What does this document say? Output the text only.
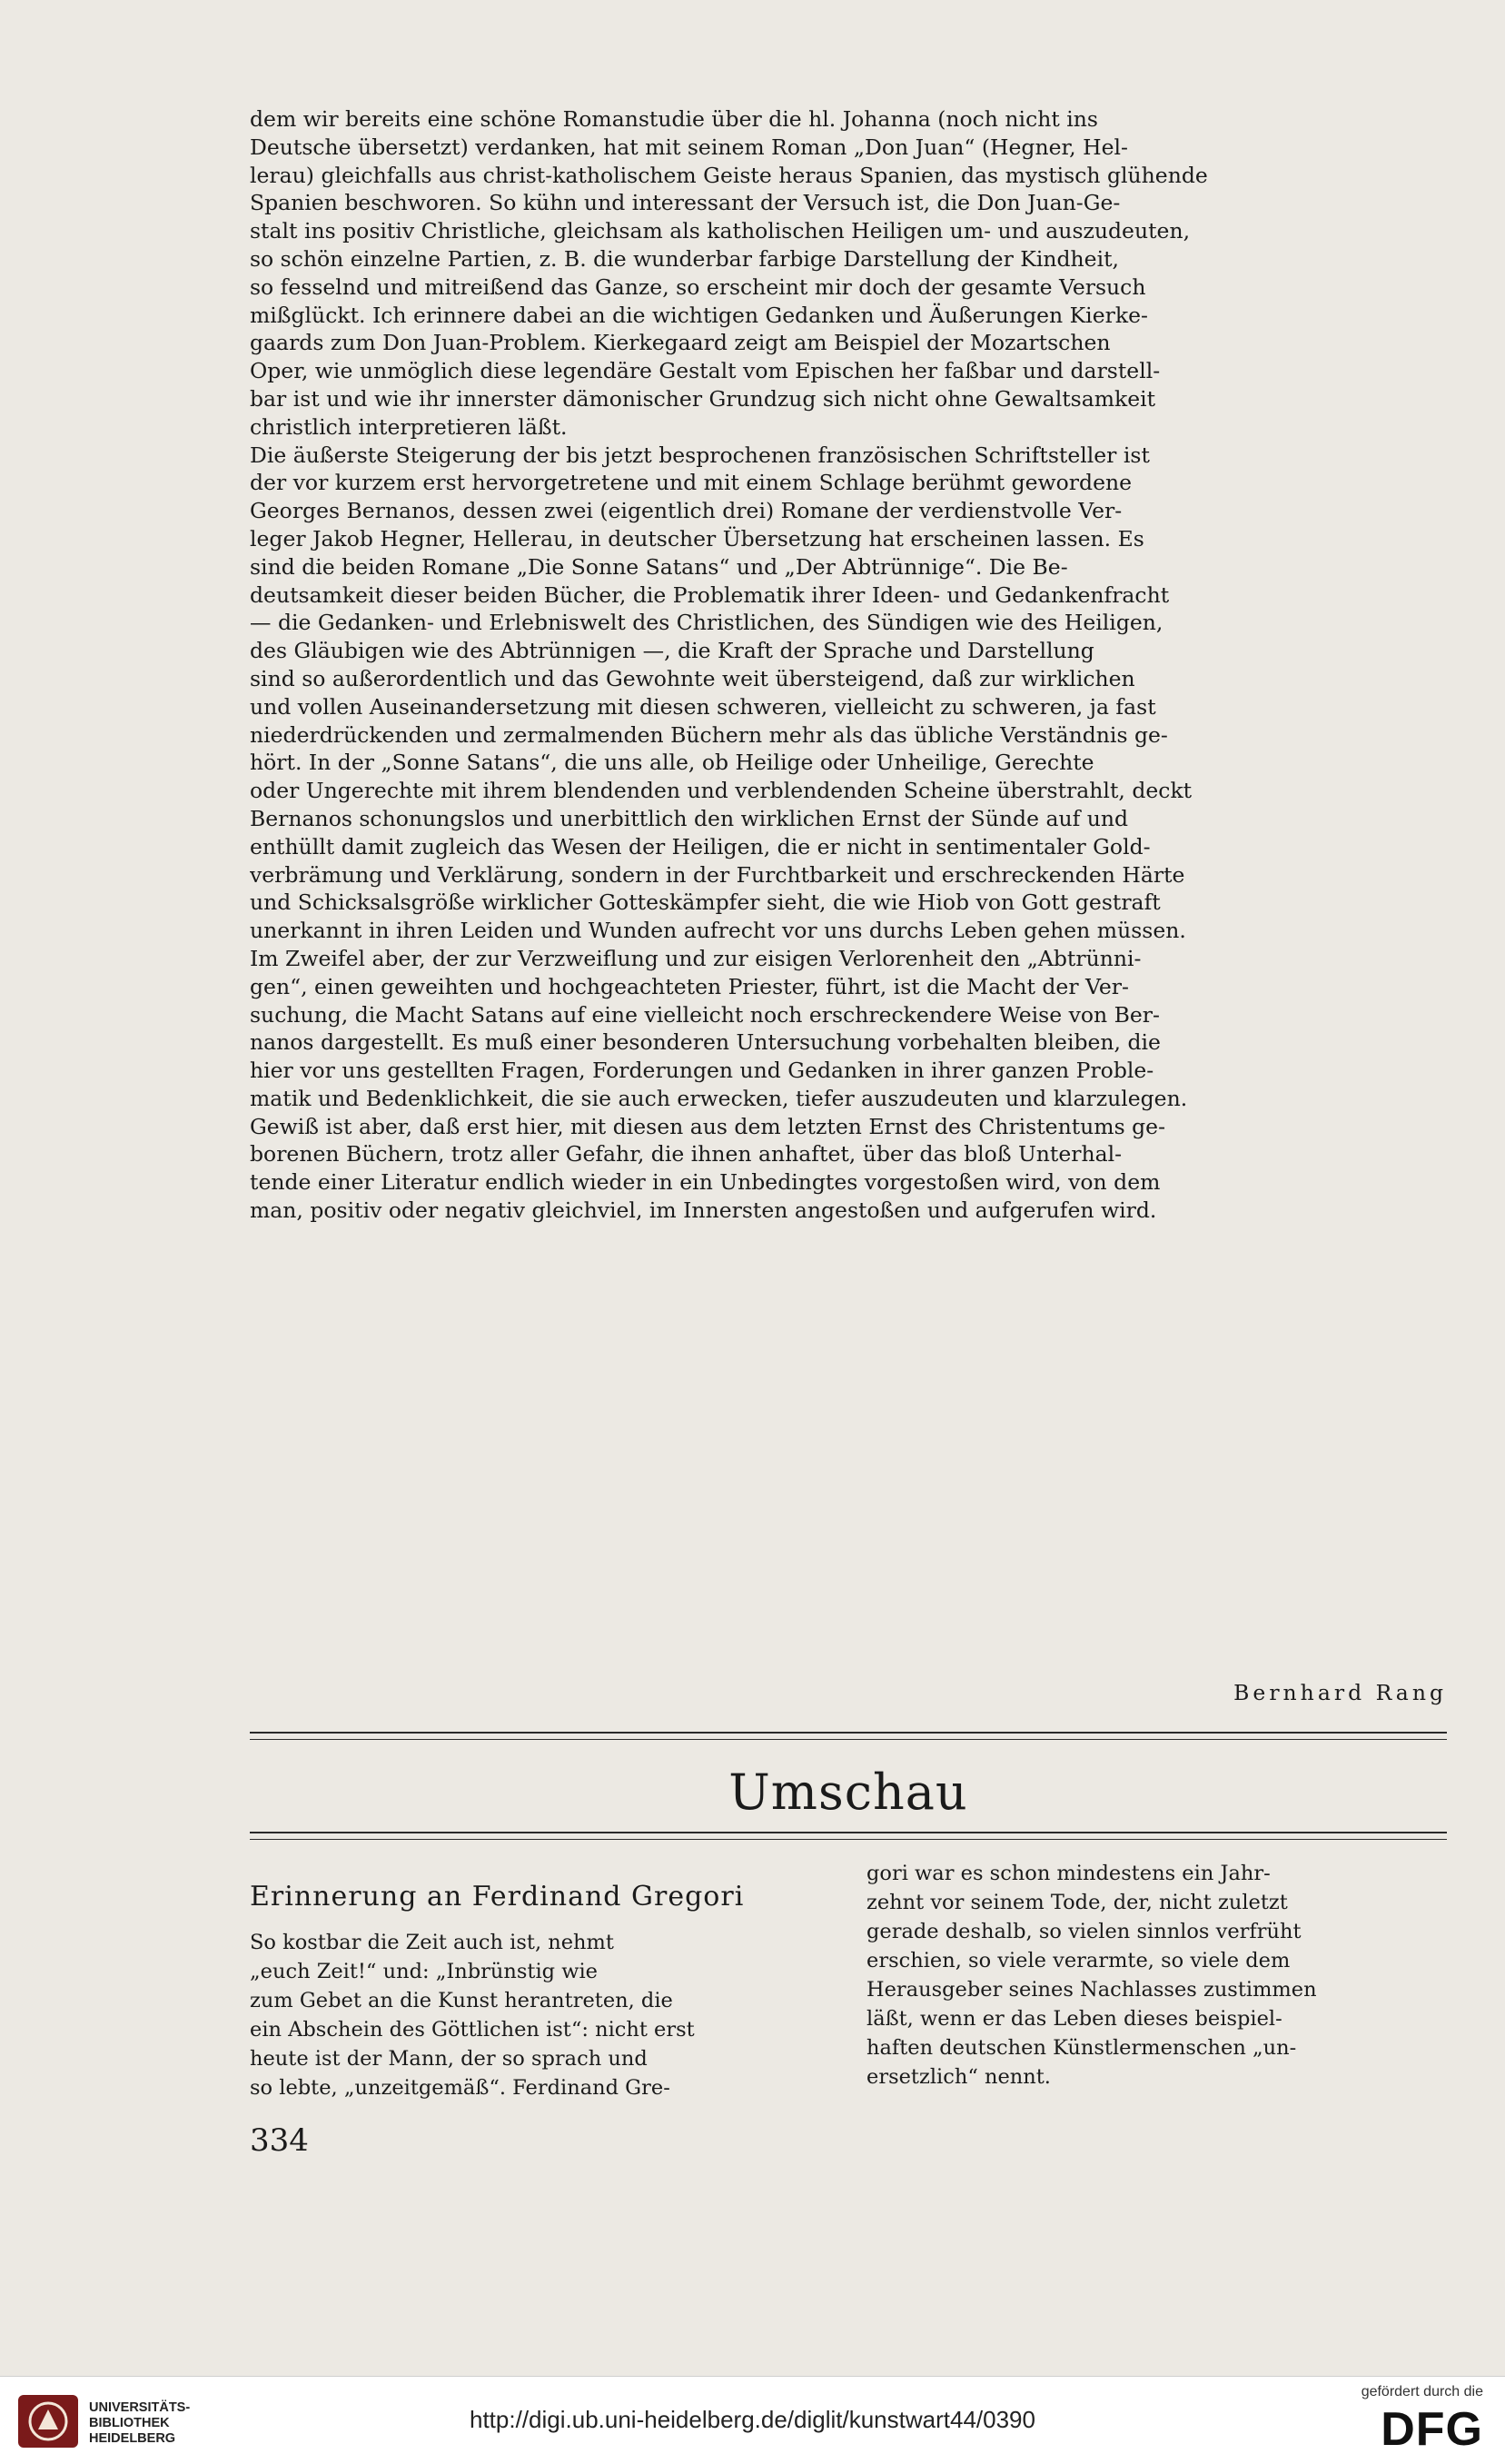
dem wir bereits eine schöne Romanstudie über die hl. Johanna (noch nicht ins
Deutsche übersetzt) verdanken, hat mit seinem Roman „Don Juan“ (Hegner, Hel-
lerau) gleichfalls aus christ-katholischem Geiste heraus Spanien, das mystisch glühende
Spanien beschworen. So kühn und interessant der Versuch ist, die Don Juan-Ge-
stalt ins positiv Christliche, gleichsam als katholischen Heiligen um- und auszudeuten,
so schön einzelne Partien, z. B. die wunderbar farbige Darstellung der Kindheit,
so fesselnd und mitreißend das Ganze, so erscheint mir doch der gesamte Versuch
mißglückt. Ich erinnere dabei an die wichtigen Gedanken und Äußerungen Kierke-
gaards zum Don Juan-Problem. Kierkegaard zeigt am Beispiel der Mozartschen
Oper, wie unmöglich diese legendäre Gestalt vom Epischen her faßbar und darstell-
bar ist und wie ihr innerster dämonischer Grundzug sich nicht ohne Gewaltsamkeit
christlich interpretieren läßt.
Die äußerste Steigerung der bis jetzt besprochenen französischen Schriftsteller ist
der vor kurzem erst hervorgetretene und mit einem Schlage berühmt gewordene
Georges Bernanos, dessen zwei (eigentlich drei) Romane der verdienstvolle Ver-
leger Jakob Hegner, Hellerau, in deutscher Übersetzung hat erscheinen lassen. Es
sind die beiden Romane „Die Sonne Satans“ und „Der Abtrünnige“. Die Be-
deutsamkeit dieser beiden Bücher, die Problematik ihrer Ideen- und Gedankenfracht
— die Gedanken- und Erlebniswelt des Christlichen, des Sündigen wie des Heiligen,
des Gläubigen wie des Abtrünnigen —, die Kraft der Sprache und Darstellung
sind so außerordentlich und das Gewohnte weit übersteigend, daß zur wirklichen
und vollen Auseinandersetzung mit diesen schweren, vielleicht zu schweren, ja fast
niederdrückenden und zermalmenden Büchern mehr als das übliche Verständnis ge-
hört. In der „Sonne Satans“, die uns alle, ob Heilige oder Unheilige, Gerechte
oder Ungerechte mit ihrem blendenden und verblendenden Scheine überstrahlt, deckt
Bernanos schonungslos und unerbittlich den wirklichen Ernst der Sünde auf und
enthüllt damit zugleich das Wesen der Heiligen, die er nicht in sentimentaler Gold-
verbrämung und Verklärung, sondern in der Furchtbarkeit und erschreckenden Härte
und Schicksalsgröße wirklicher Gotteskämpfer sieht, die wie Hiob von Gott gestraft
unerkannt in ihren Leiden und Wunden aufrecht vor uns durchs Leben gehen müssen.
Im Zweifel aber, der zur Verzweiflung und zur eisigen Verlorenheit den „Abtrünni-
gen“, einen geweihten und hochgeachteten Priester, führt, ist die Macht der Ver-
suchung, die Macht Satans auf eine vielleicht noch erschreckendere Weise von Ber-
nanos dargestellt. Es muß einer besonderen Untersuchung vorbehalten bleiben, die
hier vor uns gestellten Fragen, Forderungen und Gedanken in ihrer ganzen Proble-
matik und Bedenklichkeit, die sie auch erwecken, tiefer auszudeuten und klarzulegen.
Gewiß ist aber, daß erst hier, mit diesen aus dem letzten Ernst des Christentums ge-
borenen Büchern, trotz aller Gefahr, die ihnen anhaftet, über das bloß Unterhal-
tende einer Literatur endlich wieder in ein Unbedingtes vorgestoßen wird, von dem
man, positiv oder negativ gleichviel, im Innersten angestoßen und aufgerufen wird.
Bernhard Rang
Umschau
Erinnerung an Ferdinand Gregori
So kostbar die Zeit auch ist, nehmt
„euch Zeit!“ und: „Inbrünstig wie
zum Gebet an die Kunst herantreten, die
ein Abschein des Göttlichen ist“: nicht erst
heute ist der Mann, der so sprach und
so lebte, „unzeitgemäß“. Ferdinand Gre-
gori war es schon mindestens ein Jahr-
zehnt vor seinem Tode, der, nicht zuletzt
gerade deshalb, so vielen sinnlos verfrüht
erschien, so viele verarmte, so viele dem
Herausgeber seines Nachlasses zustimmen
läßt, wenn er das Leben dieses beispiel-
haften deutschen Künstlermenschen „un-
ersetzlich“ nennt.
334
UNIVERSITÄTS-
BIBLIOTHEK
HEIDELBERG
http://digi.ub.uni-heidelberg.de/diglit/kunstwart44/0390
gefördert durch die
DFG
